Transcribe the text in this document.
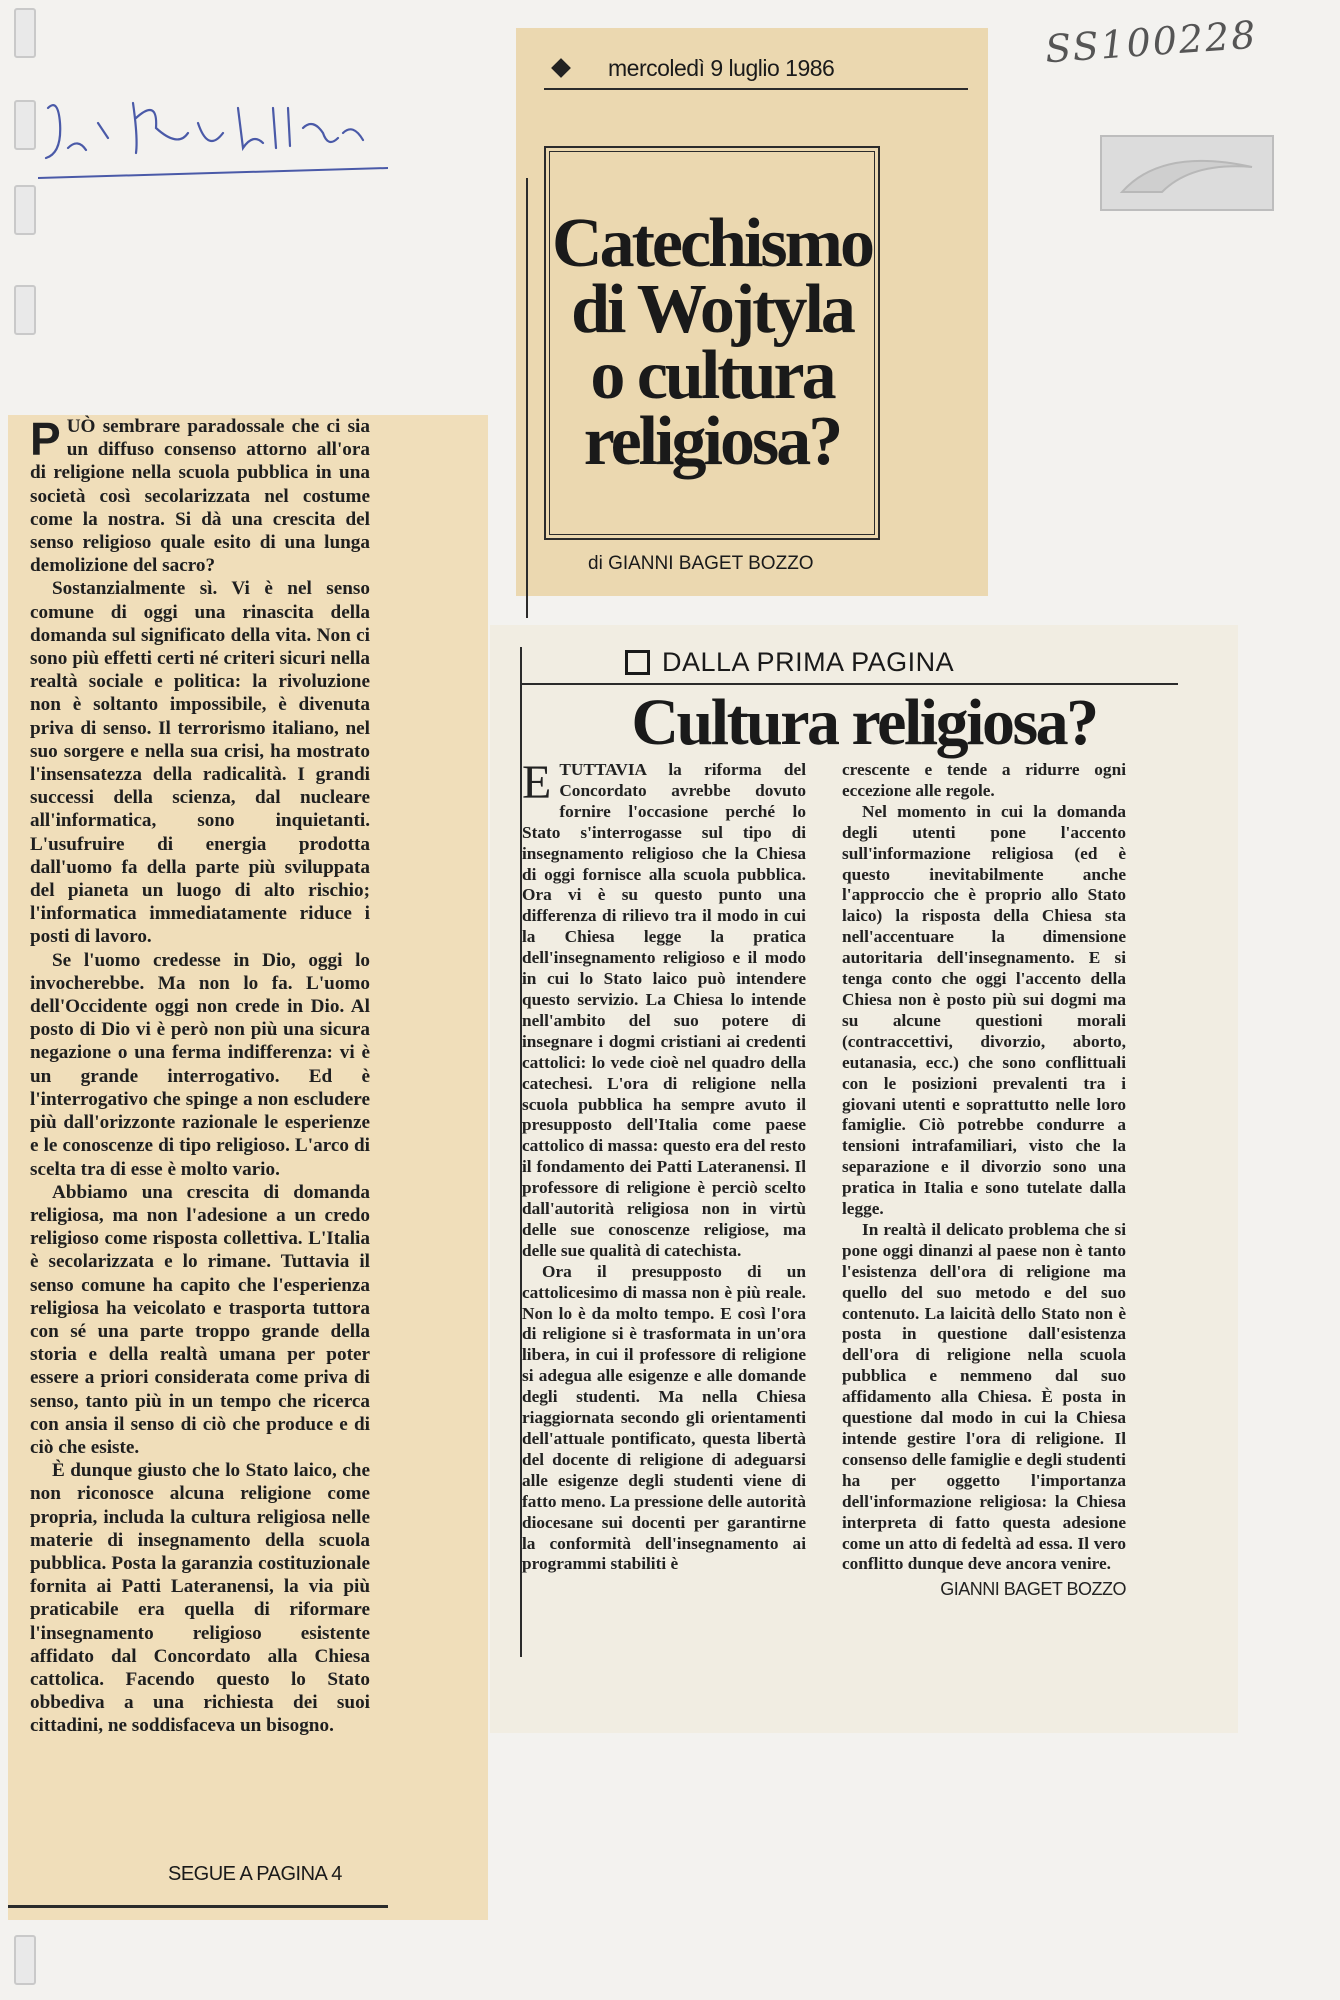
SS100228
mercoledì 9 luglio 1986
Catechismo di Wojtyla o cultura religiosa?
di GIANNI BAGET BOZZO

PUÒ sembrare paradossale che ci sia un diffuso consenso attorno all'ora di religione nella scuola pubblica in una società così secolarizzata nel costume come la nostra. Si dà una crescita del senso religioso quale esito di una lunga demolizione del sacro?

Sostanzialmente sì. Vi è nel senso comune di oggi una rinascita della domanda sul significato della vita. Non ci sono più effetti certi né criteri sicuri nella realtà sociale e politica: la rivoluzione non è soltanto impossibile, è divenuta priva di senso. Il terrorismo italiano, nel suo sorgere e nella sua crisi, ha mostrato l'insensatezza della radicalità. I grandi successi della scienza, dal nucleare all'informatica, sono inquietanti. L'usufruire di energia prodotta dall'uomo fa della parte più sviluppata del pianeta un luogo di alto rischio; l'informatica immediatamente riduce i posti di lavoro.

Se l'uomo credesse in Dio, oggi lo invocherebbe. Ma non lo fa. L'uomo dell'Occidente oggi non crede in Dio. Al posto di Dio vi è però non più una sicura negazione o una ferma indifferenza: vi è un grande interrogativo. Ed è l'interrogativo che spinge a non escludere più dall'orizzonte razionale le esperienze e le conoscenze di tipo religioso. L'arco di scelta tra di esse è molto vario.

Abbiamo una crescita di domanda religiosa, ma non l'adesione a un credo religioso come risposta collettiva. L'Italia è secolarizzata e lo rimane. Tuttavia il senso comune ha capito che l'esperienza religiosa ha veicolato e trasporta tuttora con sé una parte troppo grande della storia e della realtà umana per poter essere a priori considerata come priva di senso, tanto più in un tempo che ricerca con ansia il senso di ciò che produce e di ciò che esiste.

È dunque giusto che lo Stato laico, che non riconosce alcuna religione come propria, includa la cultura religiosa nelle materie di insegnamento della scuola pubblica. Posta la garanzia costituzionale fornita ai Patti Lateranensi, la via più praticabile era quella di riformare l'insegnamento religioso esistente affidato dal Concordato alla Chiesa cattolica. Facendo questo lo Stato obbediva a una richiesta dei suoi cittadini, ne soddisfaceva un bisogno.

SEGUE A PAGINA 4
DALLA PRIMA PAGINA
Cultura religiosa?

ETUTTAVIA la riforma del Concordato avrebbe dovuto fornire l'occasione perché lo Stato s'interrogasse sul tipo di insegnamento religioso che la Chiesa di oggi fornisce alla scuola pubblica. Ora vi è su questo punto una differenza di rilievo tra il modo in cui la Chiesa legge la pratica dell'insegnamento religioso e il modo in cui lo Stato laico può intendere questo servizio. La Chiesa lo intende nell'ambito del suo potere di insegnare i dogmi cristiani ai credenti cattolici: lo vede cioè nel quadro della catechesi. L'ora di religione nella scuola pubblica ha sempre avuto il presupposto dell'Italia come paese cattolico di massa: questo era del resto il fondamento dei Patti Lateranensi. Il professore di religione è perciò scelto dall'autorità religiosa non in virtù delle sue conoscenze religiose, ma delle sue qualità di catechista.

Ora il presupposto di un cattolicesimo di massa non è più reale. Non lo è da molto tempo. E così l'ora di religione si è trasformata in un'ora libera, in cui il professore di religione si adegua alle esigenze e alle domande degli studenti. Ma nella Chiesa riaggiornata secondo gli orientamenti dell'attuale pontificato, questa libertà del docente di religione di adeguarsi alle esigenze degli studenti viene di fatto meno. La pressione delle autorità diocesane sui docenti per garantirne la conformità dell'insegnamento ai programmi stabiliti è

crescente e tende a ridurre ogni eccezione alle regole.

Nel momento in cui la domanda degli utenti pone l'accento sull'informazione religiosa (ed è questo inevitabilmente anche l'approccio che è proprio allo Stato laico) la risposta della Chiesa sta nell'accentuare la dimensione autoritaria dell'insegnamento. E si tenga conto che oggi l'accento della Chiesa non è posto più sui dogmi ma su alcune questioni morali (contraccettivi, divorzio, aborto, eutanasia, ecc.) che sono conflittuali con le posizioni prevalenti tra i giovani utenti e soprattutto nelle loro famiglie. Ciò potrebbe condurre a tensioni intrafamiliari, visto che la separazione e il divorzio sono una pratica in Italia e sono tutelate dalla legge.

In realtà il delicato problema che si pone oggi dinanzi al paese non è tanto l'esistenza dell'ora di religione ma quello del suo metodo e del suo contenuto. La laicità dello Stato non è posta in questione dall'esistenza dell'ora di religione nella scuola pubblica e nemmeno dal suo affidamento alla Chiesa. È posta in questione dal modo in cui la Chiesa intende gestire l'ora di religione. Il consenso delle famiglie e degli studenti ha per oggetto l'importanza dell'informazione religiosa: la Chiesa interpreta di fatto questa adesione come un atto di fedeltà ad essa. Il vero conflitto dunque deve ancora venire.

GIANNI BAGET BOZZO
